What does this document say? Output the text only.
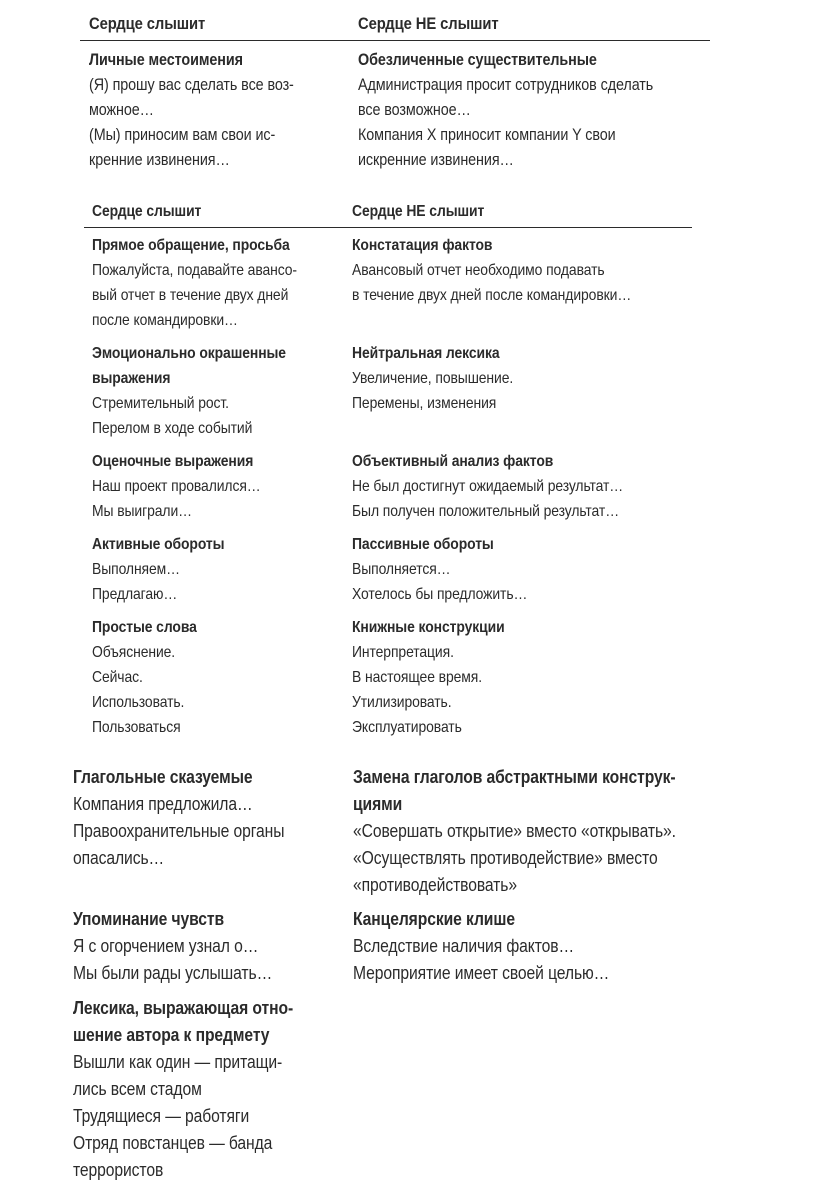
Сердце слышит	Сердце НЕ слышит
Личные местоимения
(Я) прошу вас сделать все воз-
можное…
(Мы) приносим вам свои ис-
кренние извинения…
Обезличенные существительные
Администрация просит сотрудников сделать
все возможное…
Компания X приносит компании Y свои
искренние извинения…
Сердце слышит	Сердце НЕ слышит
Прямое обращение, просьба
Пожалуйста, подавайте авансо-
вый отчет в течение двух дней
после командировки…
Констатация фактов
Авансовый отчет необходимо подавать
в течение двух дней после командировки…
Эмоционально окрашенные
выражения
Стремительный рост.
Перелом в ходе событий
Нейтральная лексика
Увеличение, повышение.
Перемены, изменения
Оценочные выражения
Наш проект провалился…
Мы выиграли…
Объективный анализ фактов
Не был достигнут ожидаемый результат…
Был получен положительный результат…
Активные обороты
Выполняем…
Предлагаю…
Пассивные обороты
Выполняется…
Хотелось бы предложить…
Простые слова
Объяснение.
Сейчас.
Использовать.
Пользоваться
Книжные конструкции
Интерпретация.
В настоящее время.
Утилизировать.
Эксплуатировать
Глагольные сказуемые
Компания предложила…
Правоохранительные органы
опасались…
Замена глаголов абстрактными конструк-
циями
«Совершать открытие» вместо «открывать».
«Осуществлять противодействие» вместо
«противодействовать»
Упоминание чувств
Я с огорчением узнал о…
Мы были рады услышать…
Канцелярские клише
Вследствие наличия фактов…
Мероприятие имеет своей целью…
Лексика, выражающая отно-
шение автора к предмету
Вышли как один — притащи-
лись всем стадом
Трудящиеся — работяги
Отряд повстанцев — банда
террористов
